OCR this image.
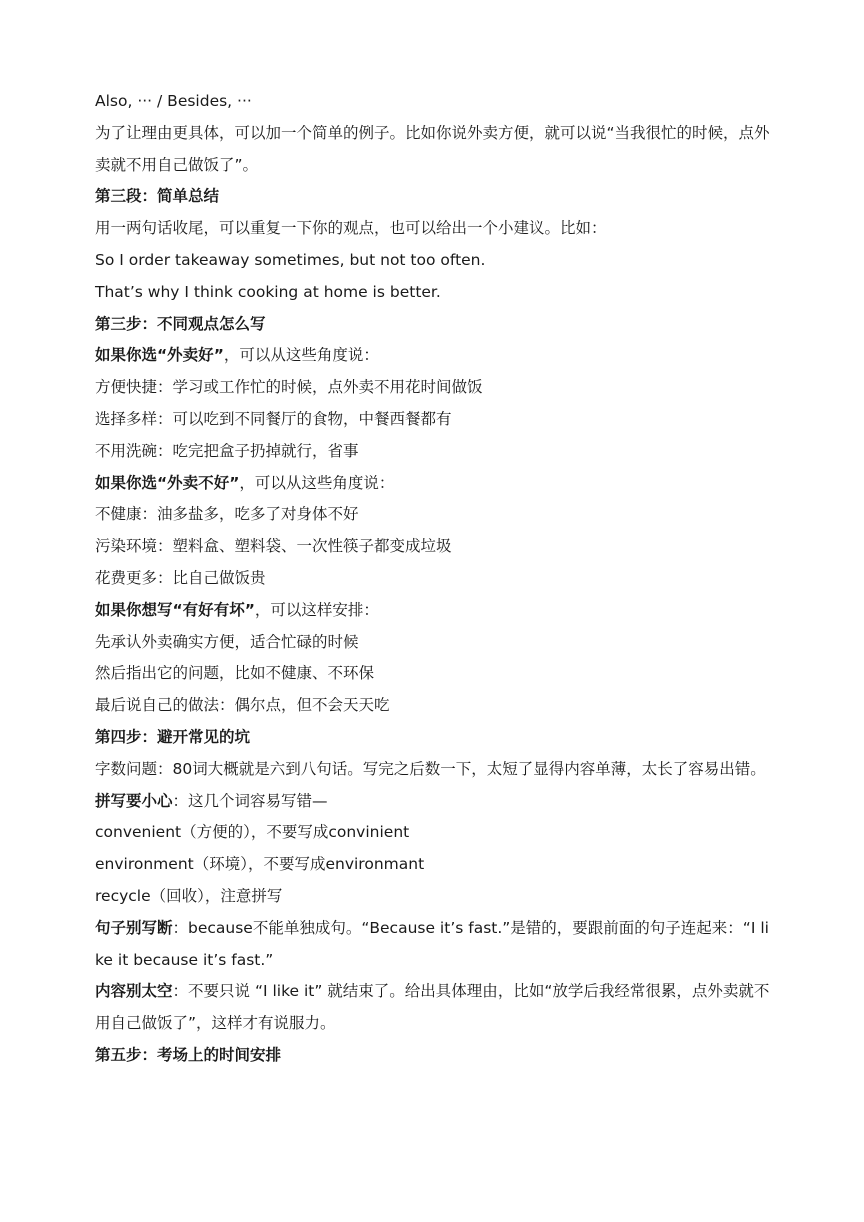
Also, ··· / Besides, ···
为了让理由更具体，可以加一个简单的例子。比如你说外卖方便，就可以说“当我很忙的时候，点外卖就不用自己做饭了”。
第三段：简单总结
用一两句话收尾，可以重复一下你的观点，也可以给出一个小建议。比如：
So I order takeaway sometimes, but not too often.
That’s why I think cooking at home is better.
第三步：不同观点怎么写
如果你选“外卖好”，可以从这些角度说：
方便快捷：学习或工作忙的时候，点外卖不用花时间做饭
选择多样：可以吃到不同餐厅的食物，中餐西餐都有
不用洗碗：吃完把盒子扔掉就行，省事
如果你选“外卖不好”，可以从这些角度说：
不健康：油多盐多，吃多了对身体不好
污染环境：塑料盒、塑料袋、一次性筷子都变成垃圾
花费更多：比自己做饭贵
如果你想写“有好有坏”，可以这样安排：
先承认外卖确实方便，适合忙碌的时候
然后指出它的问题，比如不健康、不环保
最后说自己的做法：偶尔点，但不会天天吃
第四步：避开常见的坑
字数问题：80词大概就是六到八句话。写完之后数一下，太短了显得内容单薄，太长了容易出错。
拼写要小心：这几个词容易写错—
convenient（方便的），不要写成convinient
environment（环境），不要写成environmant
recycle（回收），注意拼写
句子别写断：because不能单独成句。“Because it’s fast.”是错的，要跟前面的句子连起来：“I like it because it’s fast.”
内容别太空：不要只说 “I like it” 就结束了。给出具体理由，比如“放学后我经常很累，点外卖就不用自己做饭了”，这样才有说服力。
第五步：考场上的时间安排
